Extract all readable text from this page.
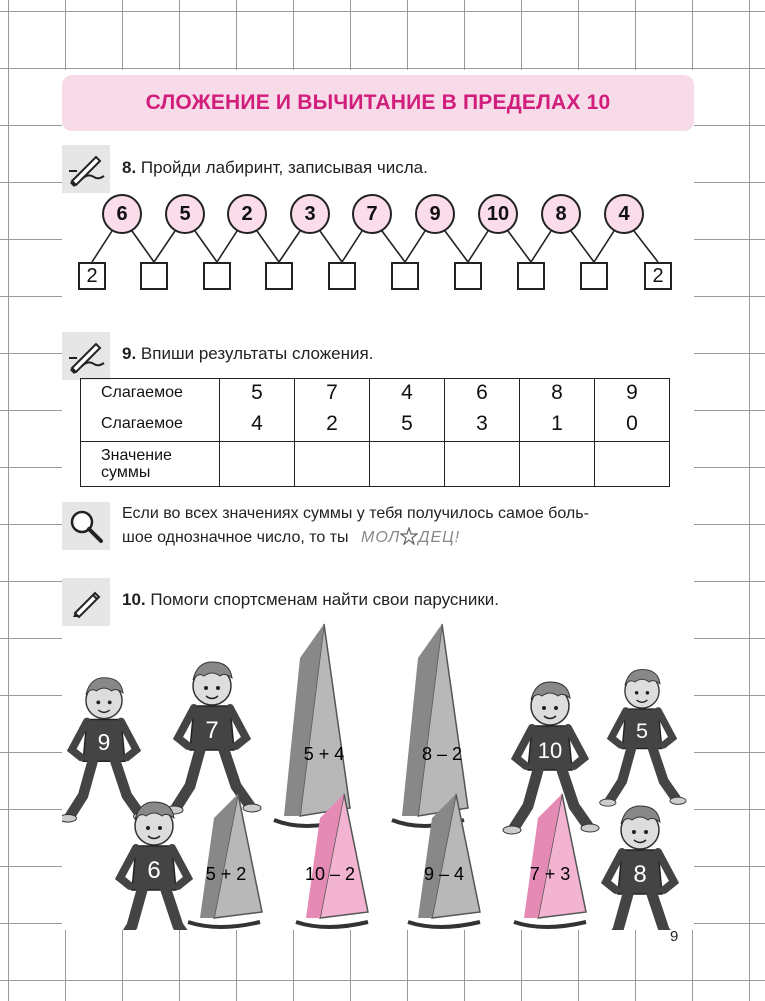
СЛОЖЕНИЕ И ВЫЧИТАНИЕ В ПРЕДЕЛАХ 10
8. Пройди лабиринт, записывая числа.
6	5	2	3	7	9	10	8	4
2	2
9. Впиши результаты сложения.
Слагаемое	5	7	4	6	8	9
Слагаемое	4	2	5	3	1	0
Значение
суммы						
Если во всех значениях суммы у тебя получилось самое боль-
шое однозначное число, то ты МОЛ ДЕЦ!
10. Помоги спортсменам найти свои парусники.
9	7
6
10
5
8
5 + 4	8 – 2
5 + 2	10 – 2	9 – 4	7 + 3
9
